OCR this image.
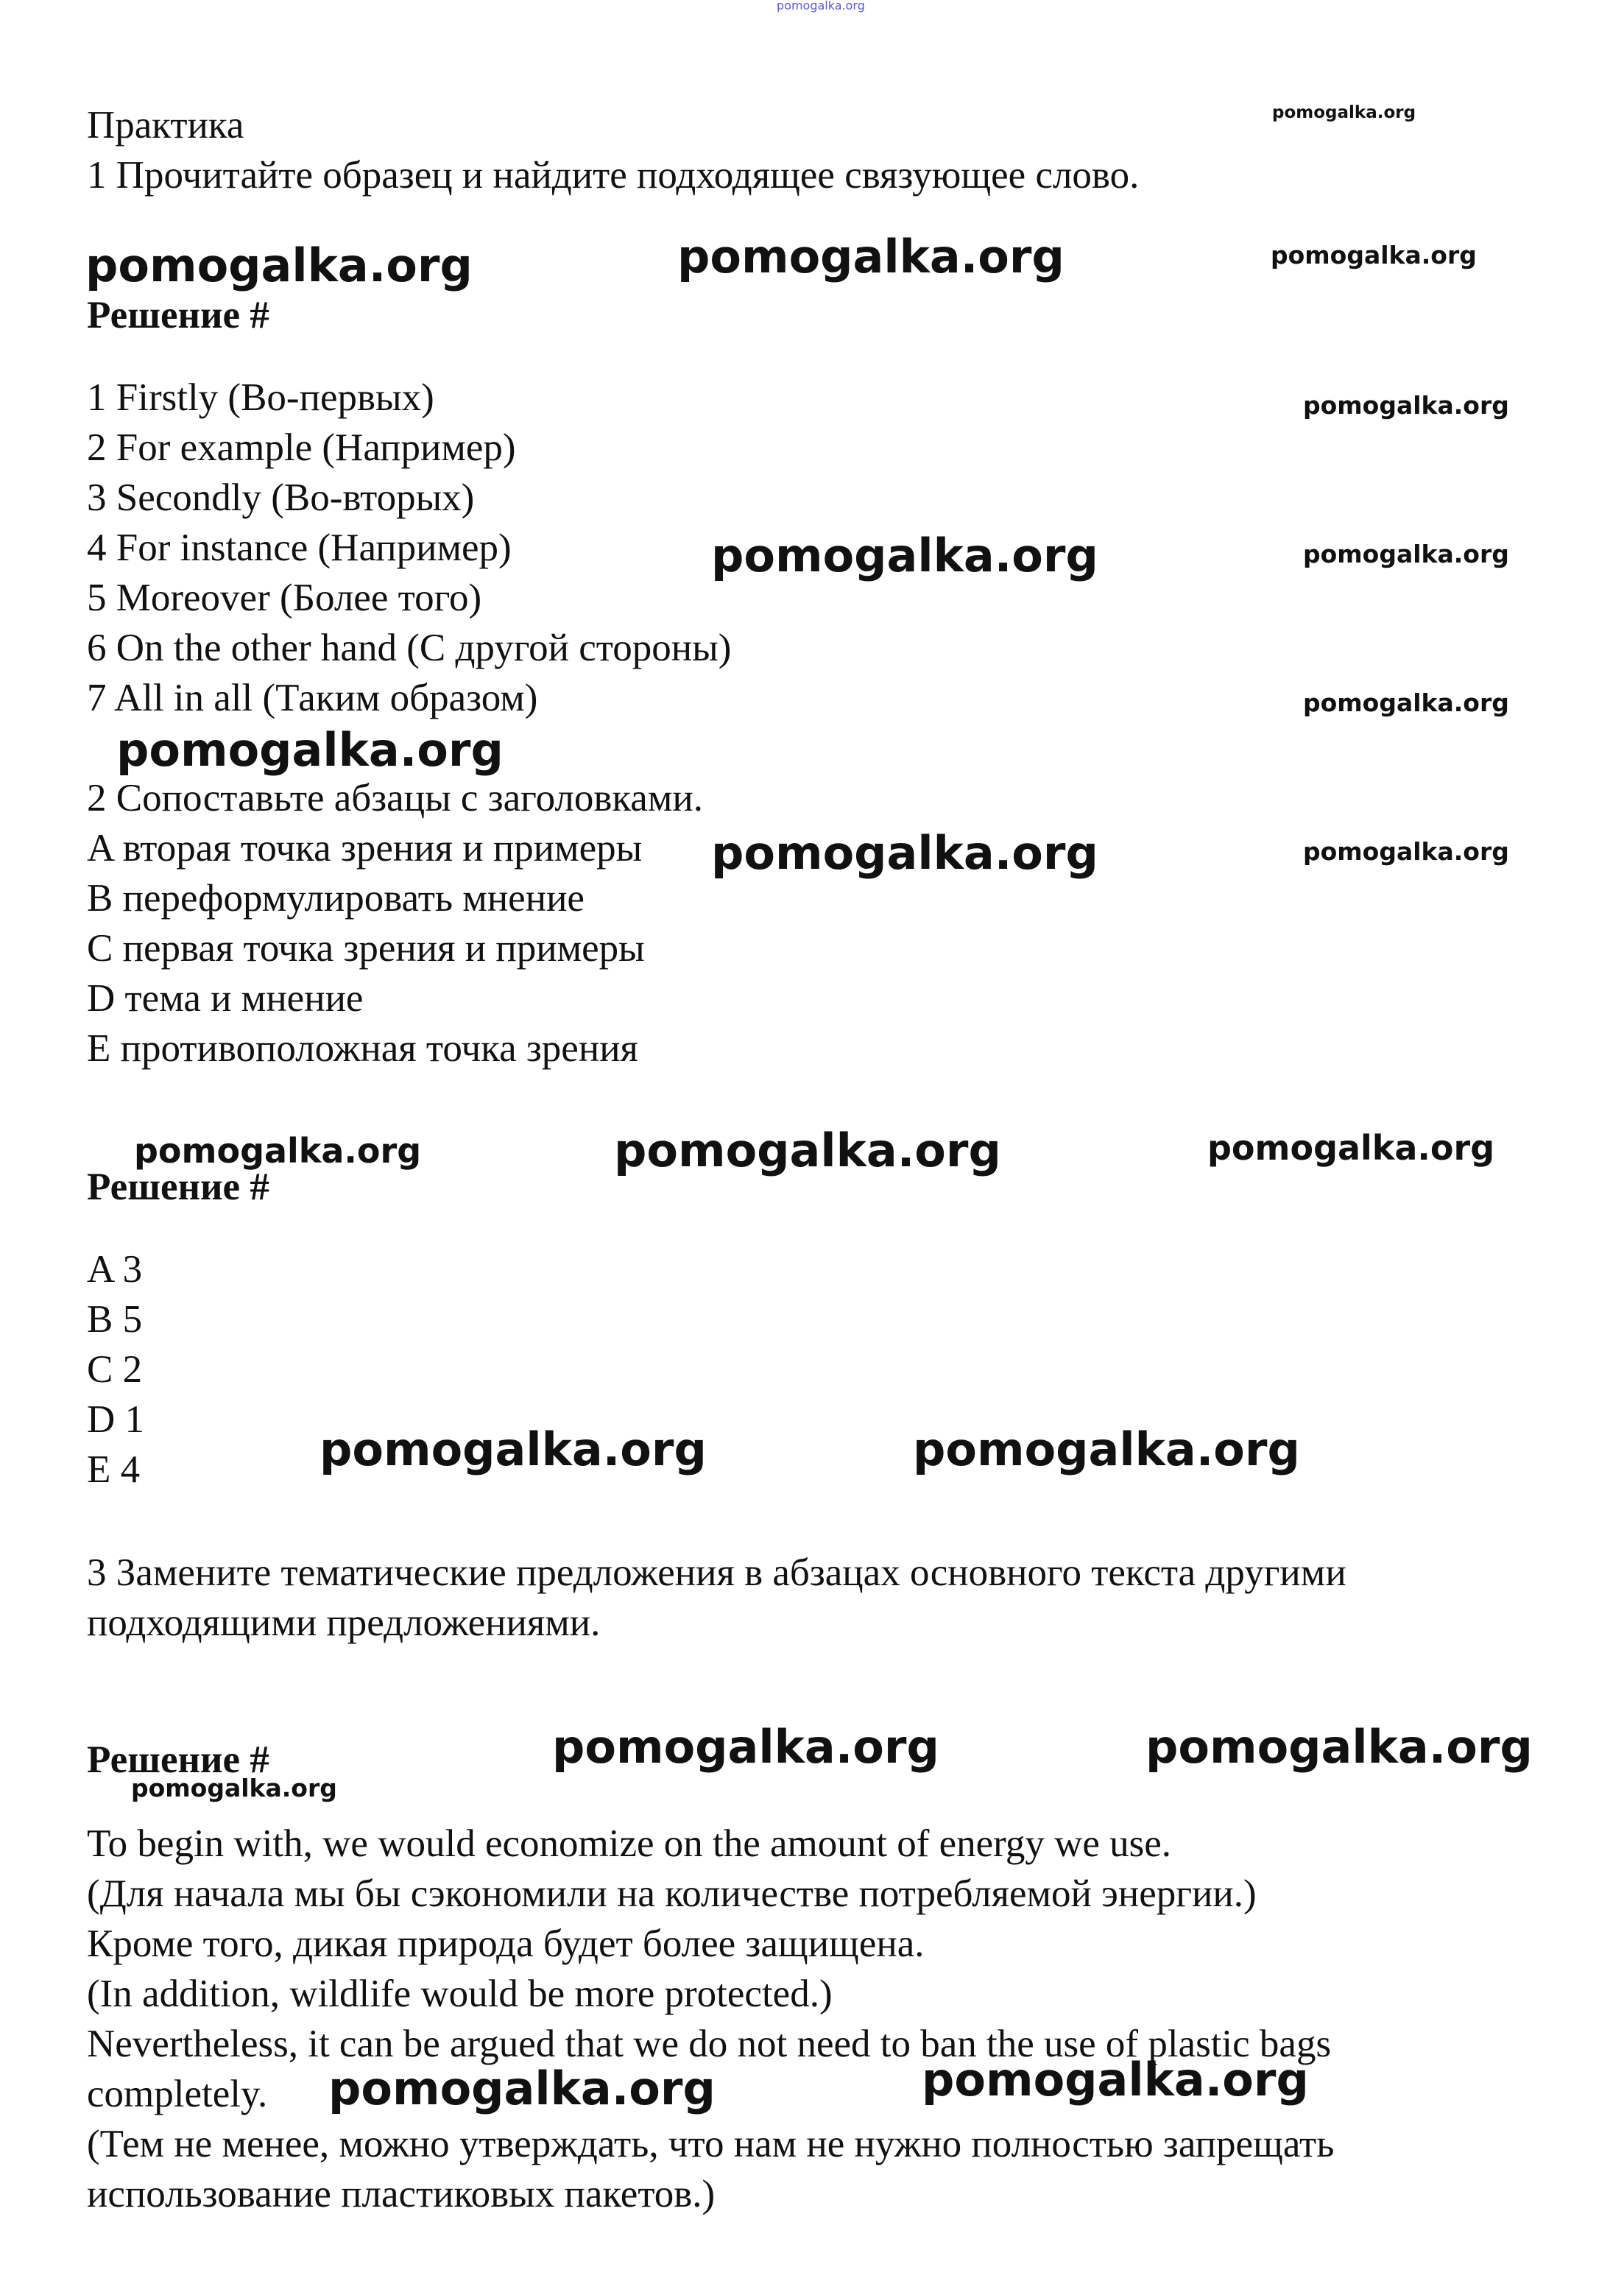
pomogalka.org

Практика

1 Прочитайте образец и найдите подходящее связующее слово.

Решение #

1 Firstly (Во-первых)

2 For example (Например)

3 Secondly (Во-вторых)

4 For instance (Например)

5 Moreover (Более того)

6 On the other hand (С другой стороны)

7 All in all (Таким образом)

2 Сопоставьте абзацы с заголовками.

A вторая точка зрения и примеры

B переформулировать мнение

C первая точка зрения и примеры

D тема и мнение

E противоположная точка зрения

Решение #

A 3

B 5

C 2

D 1

E 4

3 Замените тематические предложения в абзацах основного текста другими

подходящими предложениями.

Решение #

To begin with, we would economize on the amount of energy we use.

(Для начала мы бы сэкономили на количестве потребляемой энергии.)

Кроме того, дикая природа будет более защищена.

(In addition, wildlife would be more protected.)

Nevertheless, it can be argued that we do not need to ban the use of plastic bags

completely.

(Тем не менее, можно утверждать, что нам не нужно полностью запрещать

использование пластиковых пакетов.)

pomogalka.org
pomogalka.org	pomogalka.org	pomogalka.org
pomogalka.org
pomogalka.org	pomogalka.org
pomogalka.org
pomogalka.org
pomogalka.org	pomogalka.org
pomogalka.org	pomogalka.org	pomogalka.org
pomogalka.org	pomogalka.org
pomogalka.org	pomogalka.org
pomogalka.org
pomogalka.org	pomogalka.org
